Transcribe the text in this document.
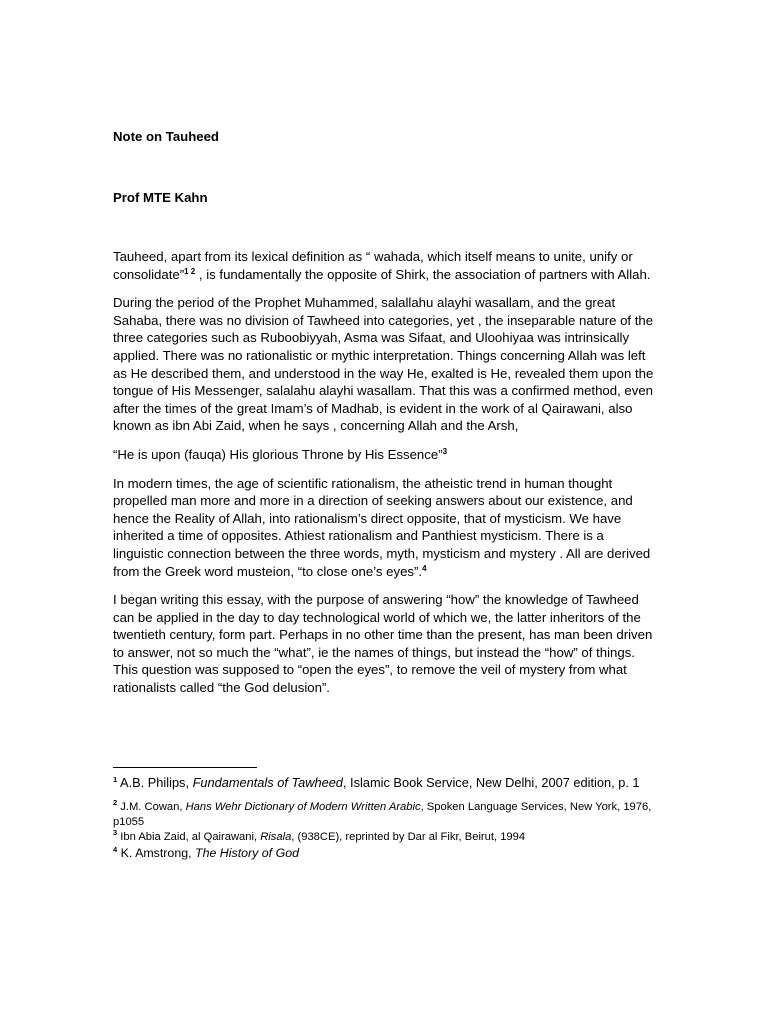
Note on Tauheed
Prof MTE Kahn

Tauheed, apart from its lexical definition as “ wahada, which itself means to unite, unify or consolidate”$^{1 2}$ , is fundamentally the opposite of Shirk, the association of partners with Allah.

During the period of the Prophet Muhammed, salallahu alayhi wasallam, and the great Sahaba, there was no division of Tawheed into categories, yet , the inseparable nature of the three categories such as Ruboobiyyah, Asma was Sifaat, and Uloohiyaa was intrinsically applied. There was no rationalistic or mythic interpretation. Things concerning Allah was left as He described them, and understood in the way He, exalted is He, revealed them upon the tongue of His Messenger, salalahu alayhi wasallam. That this was a confirmed method, even after the times of the great Imam’s of Madhab, is evident in the work of al Qairawani, also known as ibn Abi Zaid, when he says , concerning Allah and the Arsh,

“He is upon (fauqa) His glorious Throne by His Essence”$^3$

In modern times, the age of scientific rationalism, the atheistic trend in human thought propelled man more and more in a direction of seeking answers about our existence, and hence the Reality of Allah, into rationalism’s direct opposite, that of mysticism. We have inherited a time of opposites. Athiest rationalism and Panthiest mysticism. There is a linguistic connection between the three words, myth, mysticism and mystery . All are derived from the Greek word musteion, “to close one’s eyes”.$^4$

I began writing this essay, with the purpose of answering “how” the knowledge of Tawheed can be applied in the day to day technological world of which we, the latter inheritors of the twentieth century, form part. Perhaps in no other time than the present, has man been driven to answer, not so much the “what”, ie the names of things, but instead the “how” of things. This question was supposed to “open the eyes”, to remove the veil of mystery from what rationalists called “the God delusion”.

$^1$ A.B. Philips, Fundamentals of Tawheed, Islamic Book Service, New Delhi, 2007 edition, p. 1

$^2$ J.M. Cowan, Hans Wehr Dictionary of Modern Written Arabic, Spoken Language Services, New York, 1976, p1055

$^3$ Ibn Abia Zaid, al Qairawani, Risala, (938CE), reprinted by Dar al Fikr, Beirut, 1994

$^4$ K. Amstrong, The History of God
